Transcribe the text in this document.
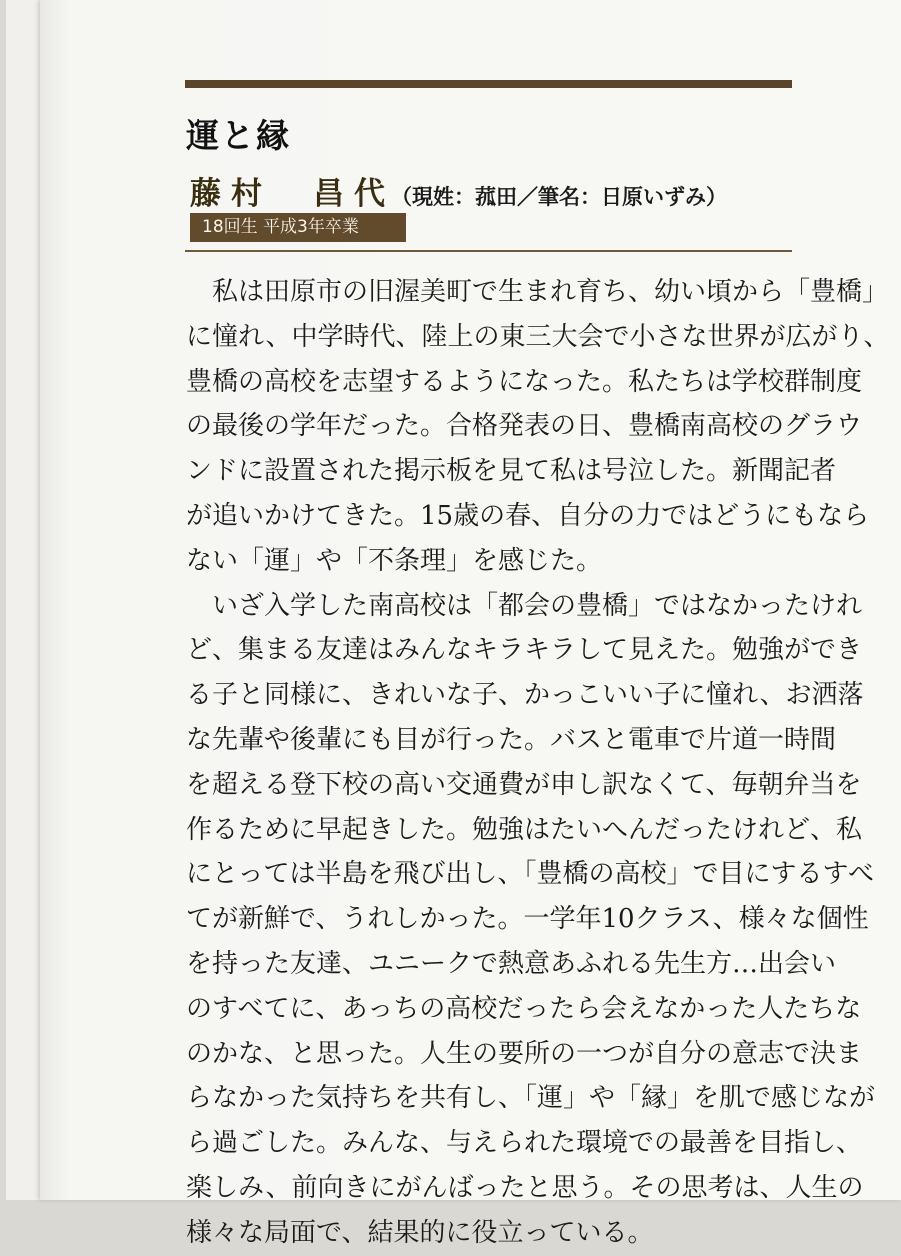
運と縁
藤村　昌代（現姓：菰田／筆名：日原いずみ）
18回生 平成3年卒業
　私は田原市の旧渥美町で生まれ育ち、幼い頃から「豊橋」
に憧れ、中学時代、陸上の東三大会で小さな世界が広がり、
豊橋の高校を志望するようになった。私たちは学校群制度
の最後の学年だった。合格発表の日、豊橋南高校のグラウ
ンドに設置された掲示板を見て私は号泣した。新聞記者
が追いかけてきた。15歳の春、自分の力ではどうにもなら
ない「運」や「不条理」を感じた。
　いざ入学した南高校は「都会の豊橋」ではなかったけれ
ど、集まる友達はみんなキラキラして見えた。勉強ができ
る子と同様に、きれいな子、かっこいい子に憧れ、お洒落
な先輩や後輩にも目が行った。バスと電車で片道一時間
を超える登下校の高い交通費が申し訳なくて、毎朝弁当を
作るために早起きした。勉強はたいへんだったけれど、私
にとっては半島を飛び出し、「豊橋の高校」で目にするすべ
てが新鮮で、うれしかった。一学年10クラス、様々な個性
を持った友達、ユニークで熱意あふれる先生方…出会い
のすべてに、あっちの高校だったら会えなかった人たちな
のかな、と思った。人生の要所の一つが自分の意志で決ま
らなかった気持ちを共有し、「運」や「縁」を肌で感じなが
ら過ごした。みんな、与えられた環境での最善を目指し、
楽しみ、前向きにがんばったと思う。その思考は、人生の
様々な局面で、結果的に役立っている。
